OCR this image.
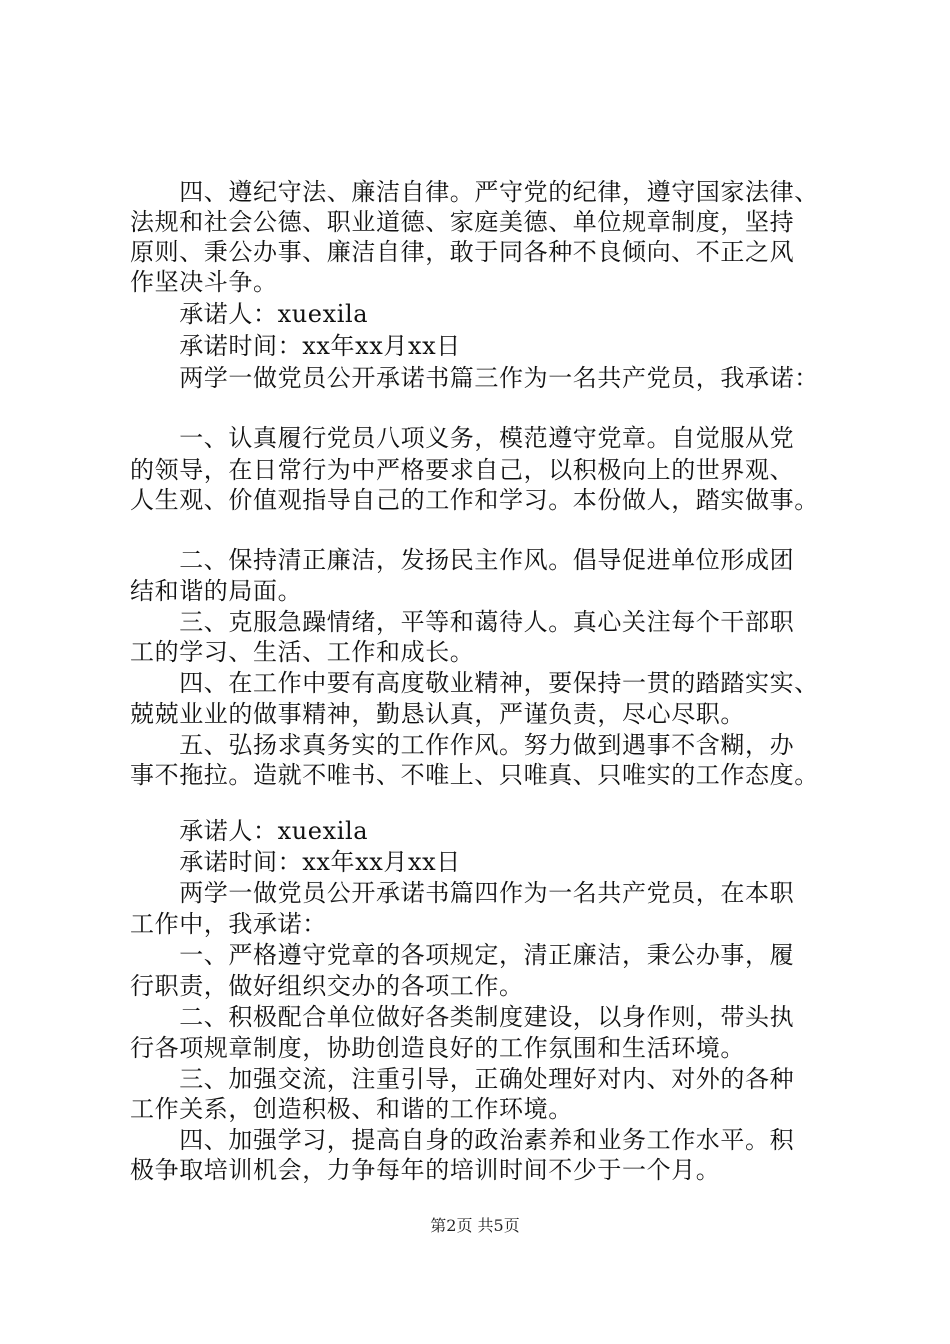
　　四、遵纪守法、廉洁自律。严守党的纪律，遵守国家法律、
法规和社会公德、职业道德、家庭美德、单位规章制度，坚持
原则、秉公办事、廉洁自律，敢于同各种不良倾向、不正之风
作坚决斗争。
　　承诺人：xuexila
　　承诺时间：xx年xx月xx日
　　两学一做党员公开承诺书篇三作为一名共产党员，我承诺：
　　一、认真履行党员八项义务，模范遵守党章。自觉服从党
的领导，在日常行为中严格要求自己，以积极向上的世界观、
人生观、价值观指导自己的工作和学习。本份做人，踏实做事。
　　二、保持清正廉洁，发扬民主作风。倡导促进单位形成团
结和谐的局面。
　　三、克服急躁情绪，平等和蔼待人。真心关注每个干部职
工的学习、生活、工作和成长。
　　四、在工作中要有高度敬业精神，要保持一贯的踏踏实实、
兢兢业业的做事精神，勤恳认真，严谨负责，尽心尽职。
　　五、弘扬求真务实的工作作风。努力做到遇事不含糊，办
事不拖拉。造就不唯书、不唯上、只唯真、只唯实的工作态度。
　　承诺人：xuexila
　　承诺时间：xx年xx月xx日
　　两学一做党员公开承诺书篇四作为一名共产党员，在本职
工作中，我承诺：
　　一、严格遵守党章的各项规定，清正廉洁，秉公办事，履
行职责，做好组织交办的各项工作。
　　二、积极配合单位做好各类制度建设，以身作则，带头执
行各项规章制度，协助创造良好的工作氛围和生活环境。
　　三、加强交流，注重引导，正确处理好对内、对外的各种
工作关系，创造积极、和谐的工作环境。
　　四、加强学习，提高自身的政治素养和业务工作水平。积
极争取培训机会，力争每年的培训时间不少于一个月。
第2页 共5页
